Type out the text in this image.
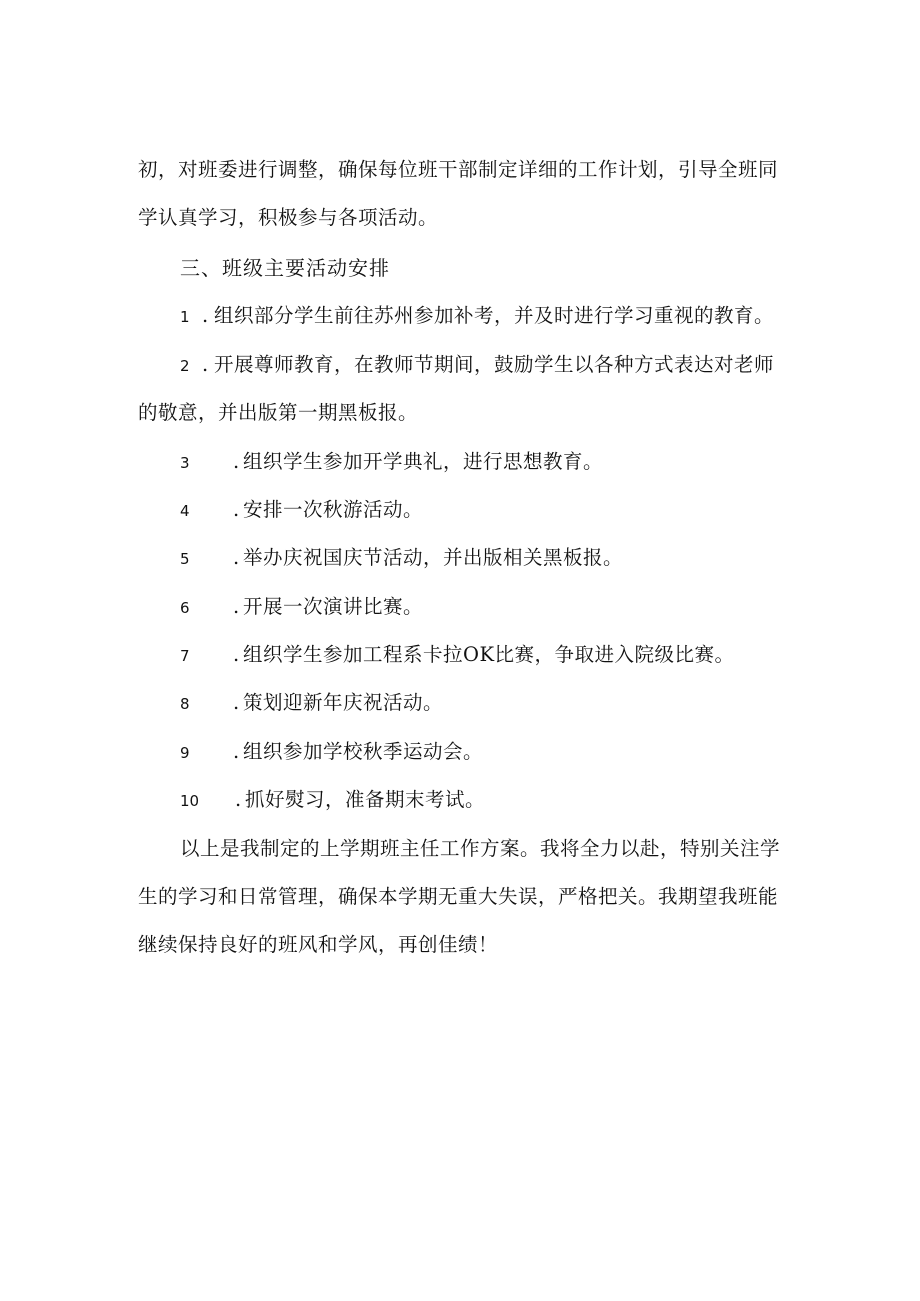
初，对班委进行调整，确保每位班干部制定详细的工作计划，引导全班同
学认真学习，积极参与各项活动。
三、班级主要活动安排
1 . 组织部分学生前往苏州参加补考，并及时进行学习重视的教育。
2 . 开展尊师教育，在教师节期间，鼓励学生以各种方式表达对老师
的敬意，并出版第一期黑板报。
3 . 组织学生参加开学典礼，进行思想教育。
4 . 安排一次秋游活动。
5 . 举办庆祝国庆节活动，并出版相关黑板报。
6 . 开展一次演讲比赛。
7 . 组织学生参加工程系卡拉OK比赛，争取进入院级比赛。
8 . 策划迎新年庆祝活动。
9 . 组织参加学校秋季运动会。
10 . 抓好熨习，准备期末考试。
以上是我制定的上学期班主任工作方案。我将全力以赴，特别关注学
生的学习和日常管理，确保本学期无重大失误，严格把关。我期望我班能
继续保持良好的班风和学风，再创佳绩！
